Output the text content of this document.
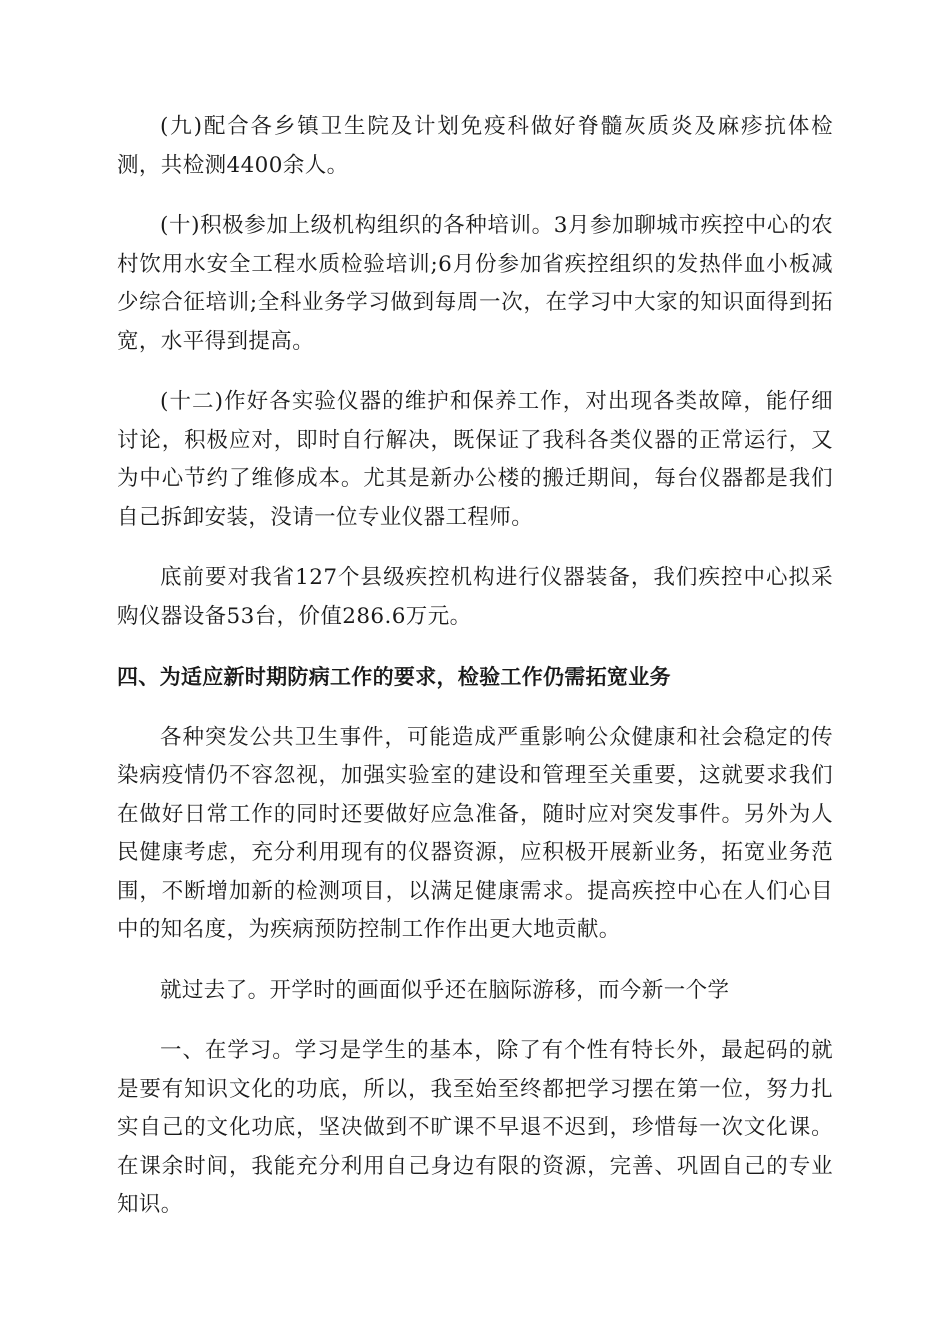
(九)配合各乡镇卫生院及计划免疫科做好脊髓灰质炎及麻疹抗体检测，共检测4400余人。

(十)积极参加上级机构组织的各种培训。3月参加聊城市疾控中心的农村饮用水安全工程水质检验培训;6月份参加省疾控组织的发热伴血小板减少综合征培训;全科业务学习做到每周一次，在学习中大家的知识面得到拓宽，水平得到提高。

(十二)作好各实验仪器的维护和保养工作，对出现各类故障，能仔细讨论，积极应对，即时自行解决，既保证了我科各类仪器的正常运行，又为中心节约了维修成本。尤其是新办公楼的搬迁期间，每台仪器都是我们自己拆卸安装，没请一位专业仪器工程师。

底前要对我省127个县级疾控机构进行仪器装备，我们疾控中心拟采购仪器设备53台，价值286.6万元。

四、为适应新时期防病工作的要求，检验工作仍需拓宽业务

各种突发公共卫生事件，可能造成严重影响公众健康和社会稳定的传染病疫情仍不容忽视，加强实验室的建设和管理至关重要，这就要求我们在做好日常工作的同时还要做好应急准备，随时应对突发事件。另外为人民健康考虑，充分利用现有的仪器资源，应积极开展新业务，拓宽业务范围，不断增加新的检测项目，以满足健康需求。提高疾控中心在人们心目中的知名度，为疾病预防控制工作作出更大地贡献。

就过去了。开学时的画面似乎还在脑际游移，而今新一个学

一、在学习。学习是学生的基本，除了有个性有特长外，最起码的就是要有知识文化的功底，所以，我至始至终都把学习摆在第一位，努力扎实自己的文化功底，坚决做到不旷课不早退不迟到，珍惜每一次文化课。在课余时间，我能充分利用自己身边有限的资源，完善、巩固自己的专业知识。
